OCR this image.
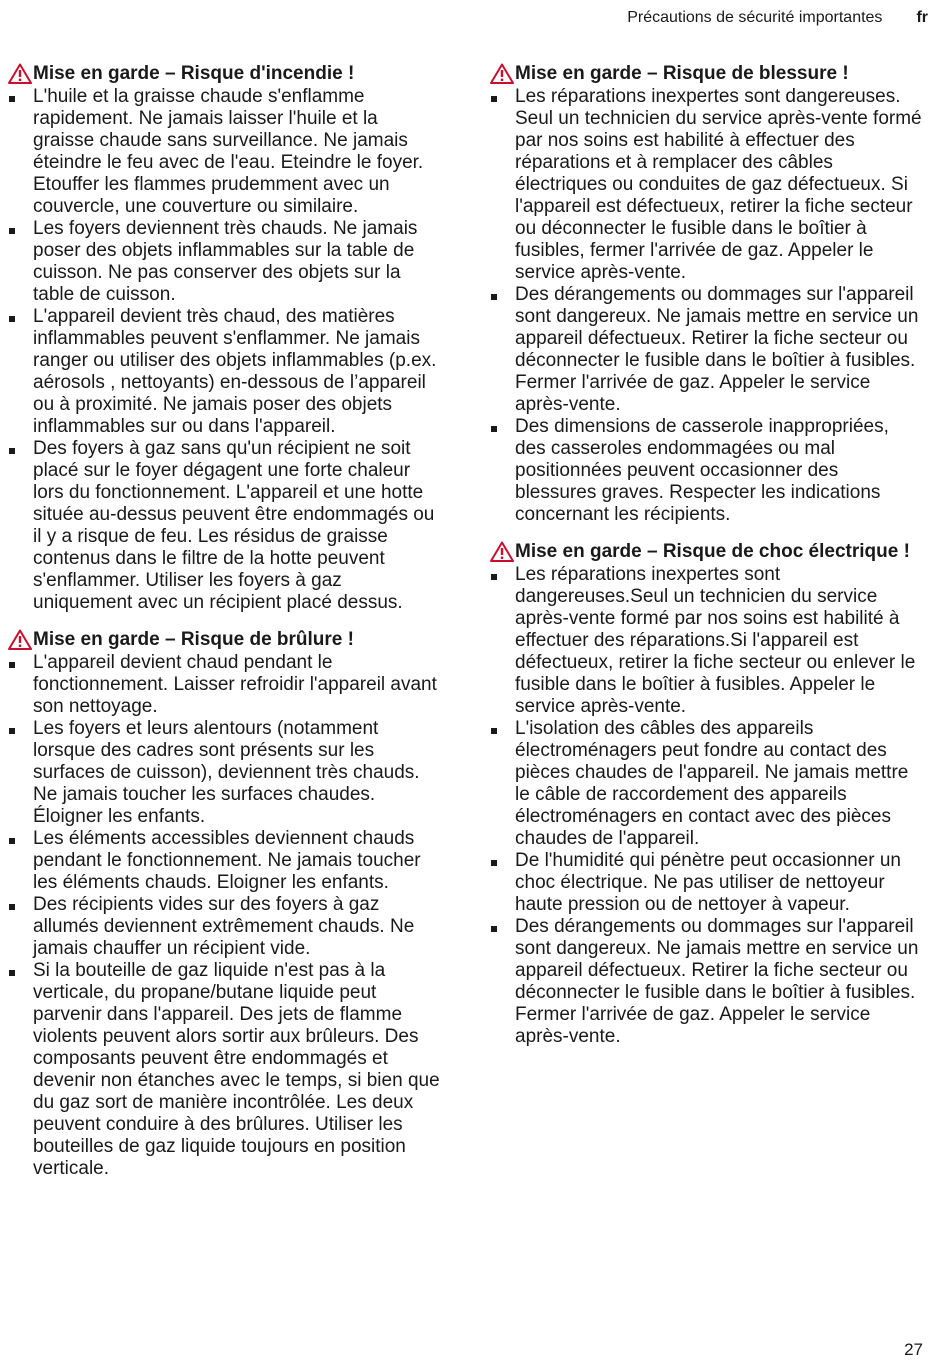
Précautions de sécurité importantes fr
Mise en garde – Risque d'incendie !
L'huile et la graisse chaude s'enflamme rapidement. Ne jamais laisser l'huile et la graisse chaude sans surveillance. Ne jamais éteindre le feu avec de l'eau. Eteindre le foyer. Etouffer les flammes prudemment avec un couvercle, une couverture ou similaire.
Les foyers deviennent très chauds. Ne jamais poser des objets inflammables sur la table de cuisson. Ne pas conserver des objets sur la table de cuisson.
L'appareil devient très chaud, des matières inflammables peuvent s'enflammer. Ne jamais ranger ou utiliser des objets inflammables (p.ex. aérosols , nettoyants) en-dessous de l’appareil ou à proximité. Ne jamais poser des objets inflammables sur ou dans l'appareil.
Des foyers à gaz sans qu'un récipient ne soit placé sur le foyer dégagent une forte chaleur lors du fonctionnement. L'appareil et une hotte située au-dessus peuvent être endommagés ou il y a risque de feu. Les résidus de graisse contenus dans le filtre de la hotte peuvent s'enflammer. Utiliser les foyers à gaz uniquement avec un récipient placé dessus.
Mise en garde – Risque de brûlure !
L'appareil devient chaud pendant le fonctionnement. Laisser refroidir l'appareil avant son nettoyage.
Les foyers et leurs alentours (notamment lorsque des cadres sont présents sur les surfaces de cuisson), deviennent très chauds. Ne jamais toucher les surfaces chaudes. Éloigner les enfants.
Les éléments accessibles deviennent chauds pendant le fonctionnement. Ne jamais toucher les éléments chauds. Eloigner les enfants.
Des récipients vides sur des foyers à gaz allumés deviennent extrêmement chauds. Ne jamais chauffer un récipient vide.
Si la bouteille de gaz liquide n'est pas à la verticale, du propane/butane liquide peut parvenir dans l'appareil. Des jets de flamme violents peuvent alors sortir aux brûleurs. Des composants peuvent être endommagés et devenir non étanches avec le temps, si bien que du gaz sort de manière incontrôlée. Les deux peuvent conduire à des brûlures. Utiliser les bouteilles de gaz liquide toujours en position verticale.
Mise en garde – Risque de blessure !
Les réparations inexpertes sont dangereuses. Seul un technicien du service après-vente formé par nos soins est habilité à effectuer des réparations et à remplacer des câbles électriques ou conduites de gaz défectueux. Si l'appareil est défectueux, retirer la fiche secteur ou déconnecter le fusible dans le boîtier à fusibles, fermer l'arrivée de gaz. Appeler le service après-vente.
Des dérangements ou dommages sur l'appareil sont dangereux. Ne jamais mettre en service un appareil défectueux. Retirer la fiche secteur ou déconnecter le fusible dans le boîtier à fusibles. Fermer l'arrivée de gaz. Appeler le service après-vente.
Des dimensions de casserole inappropriées, des casseroles endommagées ou mal positionnées peuvent occasionner des blessures graves. Respecter les indications concernant les récipients.
Mise en garde – Risque de choc électrique !
Les réparations inexpertes sont dangereuses.Seul un technicien du service après-vente formé par nos soins est habilité à effectuer des réparations.Si l'appareil est défectueux, retirer la fiche secteur ou enlever le fusible dans le boîtier à fusibles. Appeler le service après-vente.
L'isolation des câbles des appareils électroménagers peut fondre au contact des pièces chaudes de l'appareil. Ne jamais mettre le câble de raccordement des appareils électroménagers en contact avec des pièces chaudes de l'appareil.
De l'humidité qui pénètre peut occasionner un choc électrique. Ne pas utiliser de nettoyeur haute pression ou de nettoyer à vapeur.
Des dérangements ou dommages sur l'appareil sont dangereux. Ne jamais mettre en service un appareil défectueux. Retirer la fiche secteur ou déconnecter le fusible dans le boîtier à fusibles. Fermer l'arrivée de gaz. Appeler le service après-vente.
27
